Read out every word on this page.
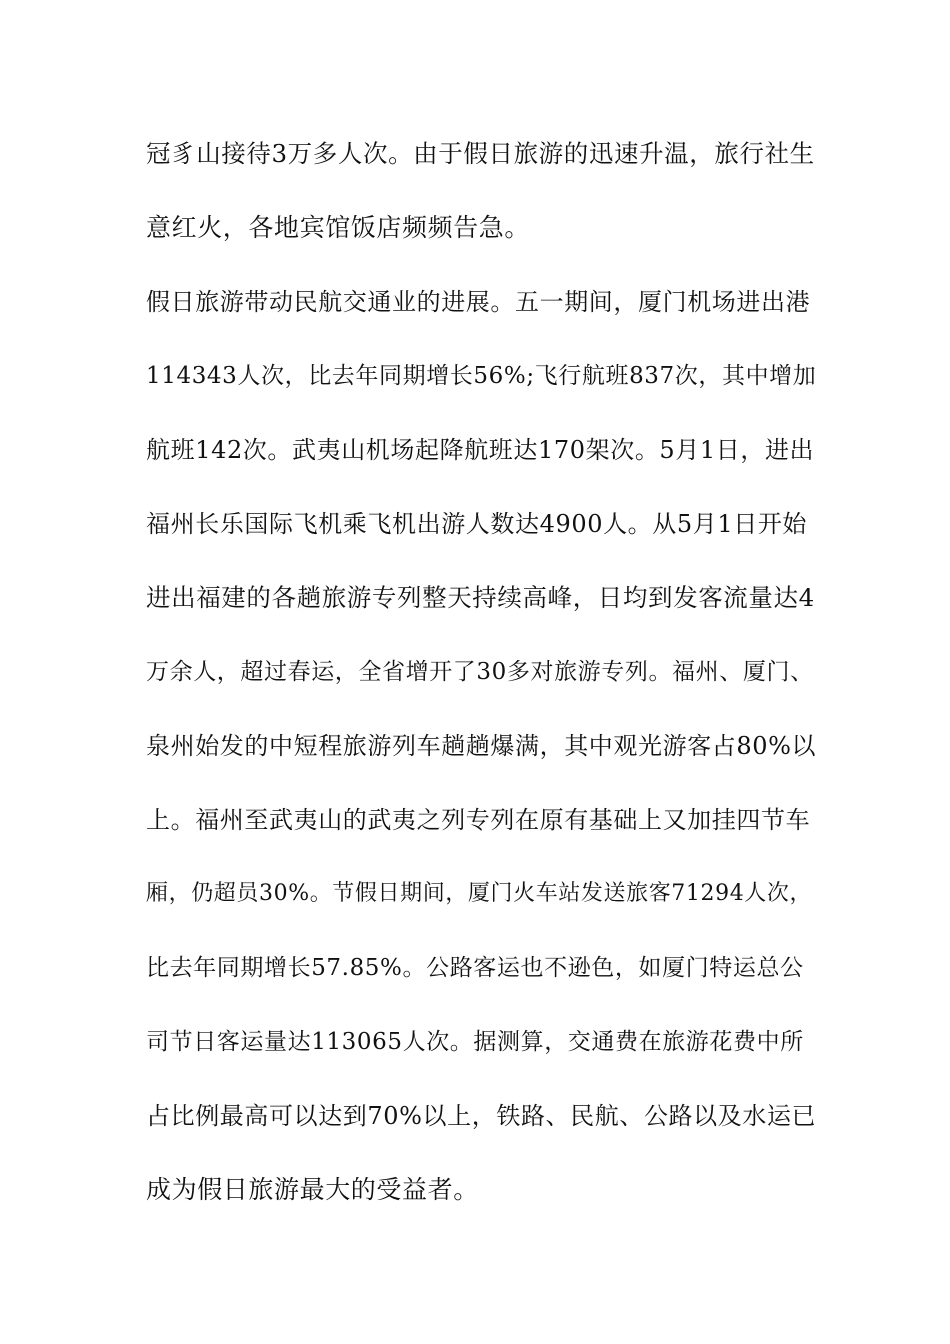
冠豸山接待3万多人次。由于假日旅游的迅速升温，旅行社生
意红火，各地宾馆饭店频频告急。
假日旅游带动民航交通业的进展。五一期间，厦门机场进出港
114343人次，比去年同期增长56%;飞行航班837次，其中增加
航班142次。武夷山机场起降航班达170架次。5月1日，进出
福州长乐国际飞机乘飞机出游人数达4900人。从5月1日开始
进出福建的各趟旅游专列整天持续高峰，日均到发客流量达4
万余人，超过春运，全省增开了30多对旅游专列。福州、厦门、
泉州始发的中短程旅游列车趟趟爆满，其中观光游客占80%以
上。福州至武夷山的武夷之列专列在原有基础上又加挂四节车
厢，仍超员30%。节假日期间，厦门火车站发送旅客71294人次，
比去年同期增长57.85%。公路客运也不逊色，如厦门特运总公
司节日客运量达113065人次。据测算，交通费在旅游花费中所
占比例最高可以达到70%以上，铁路、民航、公路以及水运已
成为假日旅游最大的受益者。
